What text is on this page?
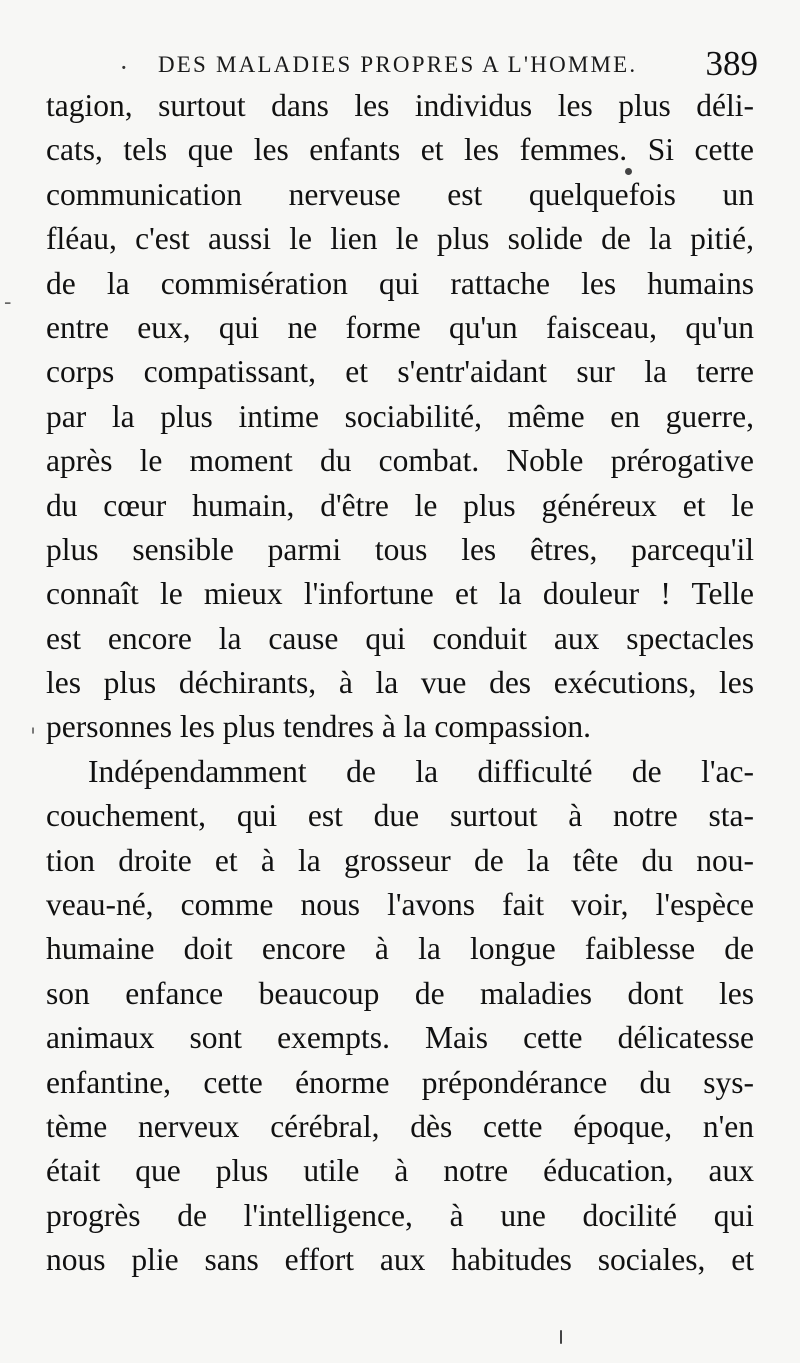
· DES MALADIES PROPRES A L'HOMME. 389
tagion, surtout dans les individus les plus déli-
cats, tels que les enfants et les femmes. Si cette
communication nerveuse est quelquefois un
fléau, c'est aussi le lien le plus solide de la pitié,
de la commisération qui rattache les humains
entre eux, qui ne forme qu'un faisceau, qu'un
corps compatissant, et s'entr'aidant sur la terre
par la plus intime sociabilité, même en guerre,
après le moment du combat. Noble prérogative
du cœur humain, d'être le plus généreux et le
plus sensible parmi tous les êtres, parcequ'il
connaît le mieux l'infortune et la douleur ! Telle
est encore la cause qui conduit aux spectacles
les plus déchirants, à la vue des exécutions, les
personnes les plus tendres à la compassion.
Indépendamment de la difficulté de l'ac-
couchement, qui est due surtout à notre sta-
tion droite et à la grosseur de la tête du nou-
veau-né, comme nous l'avons fait voir, l'espèce
humaine doit encore à la longue faiblesse de
son enfance beaucoup de maladies dont les
animaux sont exempts. Mais cette délicatesse
enfantine, cette énorme prépondérance du sys-
tème nerveux cérébral, dès cette époque, n'en
était que plus utile à notre éducation, aux
progrès de l'intelligence, à une docilité qui
nous plie sans effort aux habitudes sociales, et
-
'
